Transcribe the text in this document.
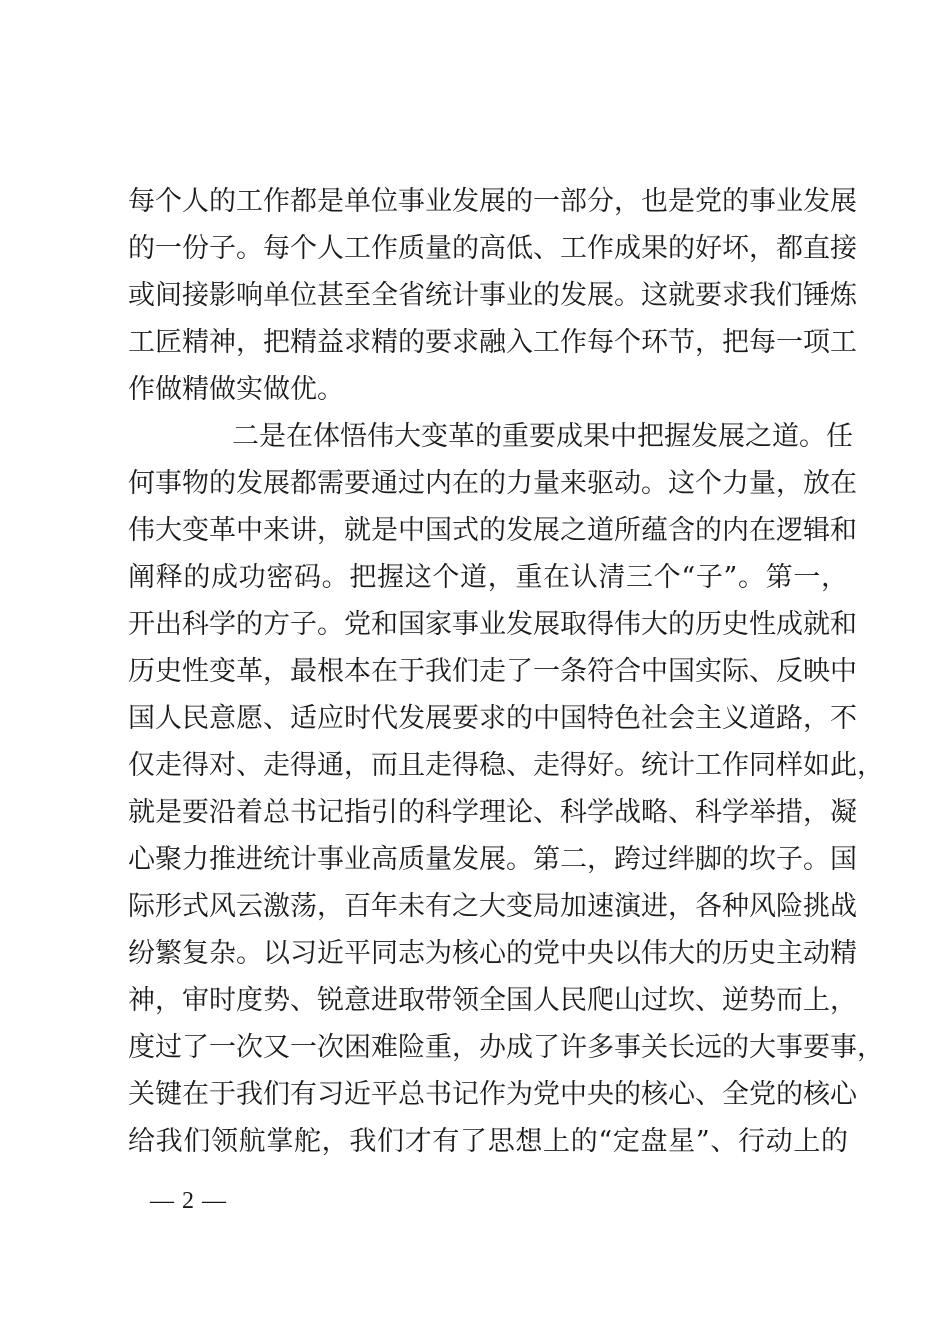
每个人的工作都是单位事业发展的一部分，也是党的事业发展
的一份子。每个人工作质量的高低、工作成果的好坏，都直接
或间接影响单位甚至全省统计事业的发展。这就要求我们锤炼
工匠精神，把精益求精的要求融入工作每个环节，把每一项工
作做精做实做优。
二是在体悟伟大变革的重要成果中把握发展之道。任
何事物的发展都需要通过内在的力量来驱动。这个力量，放在
伟大变革中来讲，就是中国式的发展之道所蕴含的内在逻辑和
阐释的成功密码。把握这个道，重在认清三个“子”。第一，
开出科学的方子。党和国家事业发展取得伟大的历史性成就和
历史性变革，最根本在于我们走了一条符合中国实际、反映中
国人民意愿、适应时代发展要求的中国特色社会主义道路，不
仅走得对、走得通，而且走得稳、走得好。统计工作同样如此，
就是要沿着总书记指引的科学理论、科学战略、科学举措，凝
心聚力推进统计事业高质量发展。第二，跨过绊脚的坎子。国
际形式风云激荡，百年未有之大变局加速演进，各种风险挑战
纷繁复杂。以习近平同志为核心的党中央以伟大的历史主动精
神，审时度势、锐意进取带领全国人民爬山过坎、逆势而上，
度过了一次又一次困难险重，办成了许多事关长远的大事要事，
关键在于我们有习近平总书记作为党中央的核心、全党的核心
给我们领航掌舵，我们才有了思想上的“定盘星”、行动上的
— 2 —
